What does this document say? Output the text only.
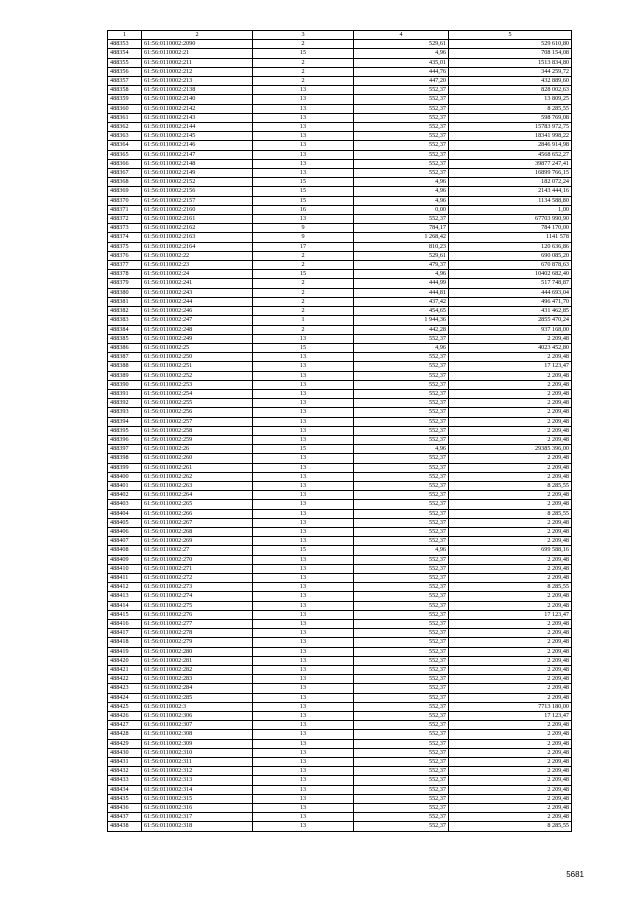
1	2	3	4	5
488353	61:56:0110002:2090	2	529,61	529 610,80
488354	61:56:0110002:21	15	4,96	708 154,08
488355	61:56:0110002:211	2	435,01	1513 834,80
488356	61:56:0110002:212	2	444,76	344 259,72
488357	61:56:0110002:213	2	447,20	432 889,60
488358	61:56:0110002:2138	13	552,37	828 002,63
488359	61:56:0110002:2140	13	552,37	13 809,25
488360	61:56:0110002:2142	13	552,37	8 285,55
488361	61:56:0110002:2143	13	552,37	598 769,08
488362	61:56:0110002:2144	13	552,37	15783 972,75
488363	61:56:0110002:2145	13	552,37	18341 998,22
488364	61:56:0110002:2146	13	552,37	2846 914,98
488365	61:56:0110002:2147	13	552,37	4568 652,27
488366	61:56:0110002:2148	13	552,37	39877 247,41
488367	61:56:0110002:2149	13	552,37	16899 766,15
488368	61:56:0110002:2152	15	4,96	182 072,24
488369	61:56:0110002:2156	15	4,96	2143 444,16
488370	61:56:0110002:2157	15	4,96	1134 588,80
488371	61:56:0110002:2160	16	0,00	1,00
488372	61:56:0110002:2161	13	552,37	67703 990,90
488373	61:56:0110002:2162	9	784,17	784 170,00
488374	61:56:0110002:2163	9	1 268,42	1141 578
488375	61:56:0110002:2164	17	810,23	120 636,86
488376	61:56:0110002:22	2	529,61	690 085,20
488377	61:56:0110002:23	2	479,37	670 878,63
488378	61:56:0110002:24	15	4,96	10402 682,40
488379	61:56:0110002:241	2	444,99	517 748,87
488380	61:56:0110002:243	2	444,81	444 693,04
488381	61:56:0110002:244	2	437,42	496 471,70
488382	61:56:0110002:246	2	454,65	431 462,85
488383	61:56:0110002:247	1	1 944,36	2855 470,24
488384	61:56:0110002:248	2	442,28	937 168,00
488385	61:56:0110002:249	13	552,37	2 209,48
488386	61:56:0110002:25	15	4,96	4023 452,80
488387	61:56:0110002:250	13	552,37	2 209,48
488388	61:56:0110002:251	13	552,37	17 123,47
488389	61:56:0110002:252	13	552,37	2 209,48
488390	61:56:0110002:253	13	552,37	2 209,48
488391	61:56:0110002:254	13	552,37	2 209,48
488392	61:56:0110002:255	13	552,37	2 209,48
488393	61:56:0110002:256	13	552,37	2 209,48
488394	61:56:0110002:257	13	552,37	2 209,48
488395	61:56:0110002:258	13	552,37	2 209,48
488396	61:56:0110002:259	13	552,37	2 209,48
488397	61:56:0110002:26	15	4,96	29385 396,00
488398	61:56:0110002:260	13	552,37	2 209,48
488399	61:56:0110002:261	13	552,37	2 209,48
488400	61:56:0110002:262	13	552,37	2 209,48
488401	61:56:0110002:263	13	552,37	8 285,55
488402	61:56:0110002:264	13	552,37	2 209,48
488403	61:56:0110002:265	13	552,37	2 209,48
488404	61:56:0110002:266	13	552,37	8 285,55
488405	61:56:0110002:267	13	552,37	2 209,48
488406	61:56:0110002:268	13	552,37	2 209,48
488407	61:56:0110002:269	13	552,37	2 209,48
488408	61:56:0110002:27	15	4,96	699 588,16
488409	61:56:0110002:270	13	552,37	2 209,48
488410	61:56:0110002:271	13	552,37	2 209,48
488411	61:56:0110002:272	13	552,37	2 209,48
488412	61:56:0110002:273	13	552,37	8 285,55
488413	61:56:0110002:274	13	552,37	2 209,48
488414	61:56:0110002:275	13	552,37	2 209,48
488415	61:56:0110002:276	13	552,37	17 123,47
488416	61:56:0110002:277	13	552,37	2 209,48
488417	61:56:0110002:278	13	552,37	2 209,48
488418	61:56:0110002:279	13	552,37	2 209,48
488419	61:56:0110002:280	13	552,37	2 209,48
488420	61:56:0110002:281	13	552,37	2 209,48
488421	61:56:0110002:282	13	552,37	2 209,48
488422	61:56:0110002:283	13	552,37	2 209,48
488423	61:56:0110002:284	13	552,37	2 209,48
488424	61:56:0110002:285	13	552,37	2 209,48
488425	61:56:0110002:3	13	552,37	7713 180,00
488426	61:56:0110002:306	13	552,37	17 123,47
488427	61:56:0110002:307	13	552,37	2 209,48
488428	61:56:0110002:308	13	552,37	2 209,48
488429	61:56:0110002:309	13	552,37	2 209,48
488430	61:56:0110002:310	13	552,37	2 209,48
488431	61:56:0110002:311	13	552,37	2 209,48
488432	61:56:0110002:312	13	552,37	2 209,48
488433	61:56:0110002:313	13	552,37	2 209,48
488434	61:56:0110002:314	13	552,37	2 209,48
488435	61:56:0110002:315	13	552,37	2 209,48
488436	61:56:0110002:316	13	552,37	2 209,48
488437	61:56:0110002:317	13	552,37	2 209,48
488438	61:56:0110002:318	13	552,37	8 285,55
5681
